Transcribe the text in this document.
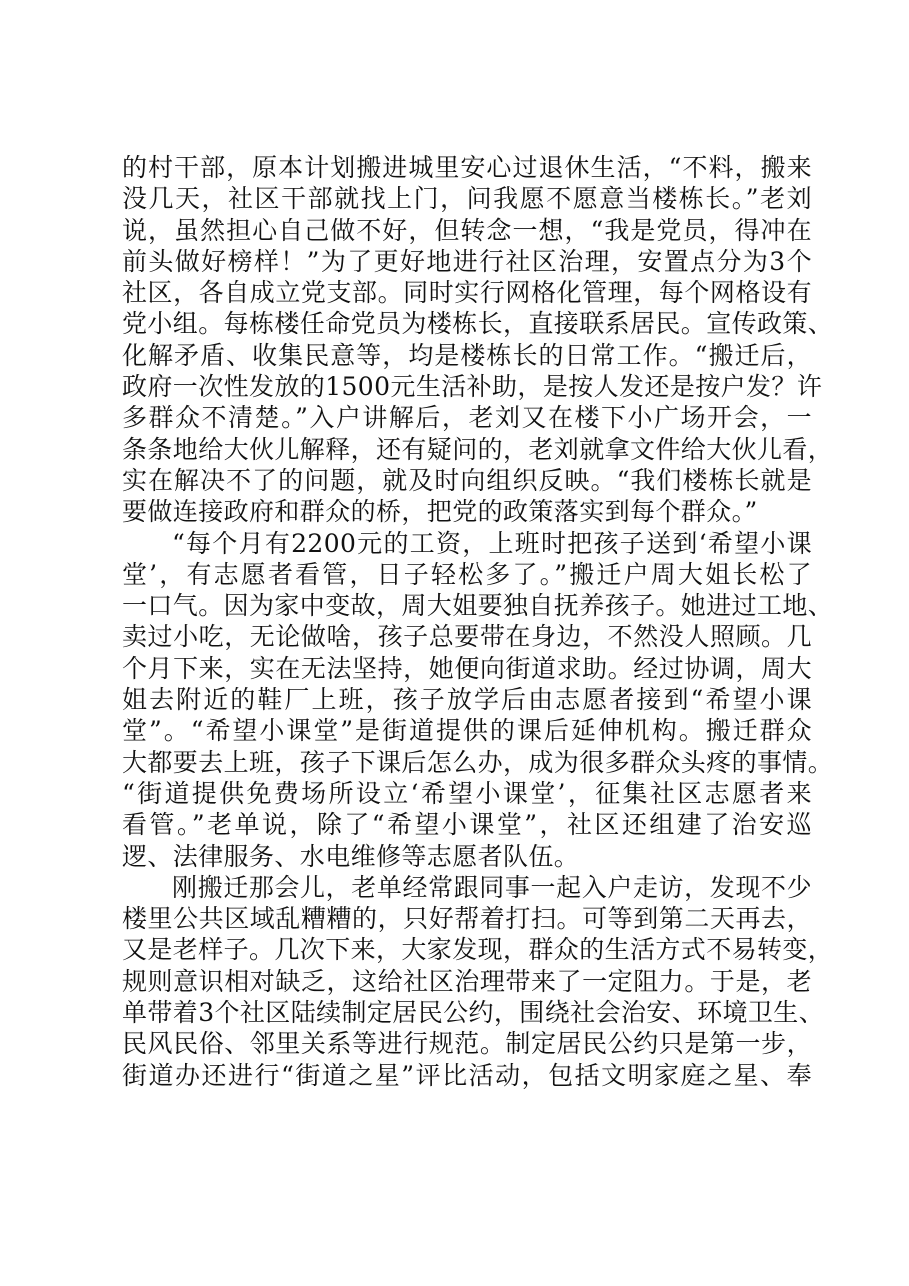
的村干部，原本计划搬进城里安心过退休生活，“不料，搬来
没几天，社区干部就找上门，问我愿不愿意当楼栋长。”老刘
说，虽然担心自己做不好，但转念一想，“我是党员，得冲在
前头做好榜样！”为了更好地进行社区治理，安置点分为3个
社区，各自成立党支部。同时实行网格化管理，每个网格设有
党小组。每栋楼任命党员为楼栋长，直接联系居民。宣传政策、
化解矛盾、收集民意等，均是楼栋长的日常工作。“搬迁后，
政府一次性发放的1500元生活补助，是按人发还是按户发？许
多群众不清楚。”入户讲解后，老刘又在楼下小广场开会，一
条条地给大伙儿解释，还有疑问的，老刘就拿文件给大伙儿看，
实在解决不了的问题，就及时向组织反映。“我们楼栋长就是
要做连接政府和群众的桥，把党的政策落实到每个群众。”
“每个月有2200元的工资，上班时把孩子送到‘希望小课
堂’，有志愿者看管，日子轻松多了。”搬迁户周大姐长松了
一口气。因为家中变故，周大姐要独自抚养孩子。她进过工地、
卖过小吃，无论做啥，孩子总要带在身边，不然没人照顾。几
个月下来，实在无法坚持，她便向街道求助。经过协调，周大
姐去附近的鞋厂上班，孩子放学后由志愿者接到“希望小课
堂”。“希望小课堂”是街道提供的课后延伸机构。搬迁群众
大都要去上班，孩子下课后怎么办，成为很多群众头疼的事情。
“街道提供免费场所设立‘希望小课堂’，征集社区志愿者来
看管。”老单说，除了“希望小课堂”，社区还组建了治安巡
逻、法律服务、水电维修等志愿者队伍。
刚搬迁那会儿，老单经常跟同事一起入户走访，发现不少
楼里公共区域乱糟糟的，只好帮着打扫。可等到第二天再去，
又是老样子。几次下来，大家发现，群众的生活方式不易转变，
规则意识相对缺乏，这给社区治理带来了一定阻力。于是，老
单带着3个社区陆续制定居民公约，围绕社会治安、环境卫生、
民风民俗、邻里关系等进行规范。制定居民公约只是第一步，
街道办还进行“街道之星”评比活动，包括文明家庭之星、奉
